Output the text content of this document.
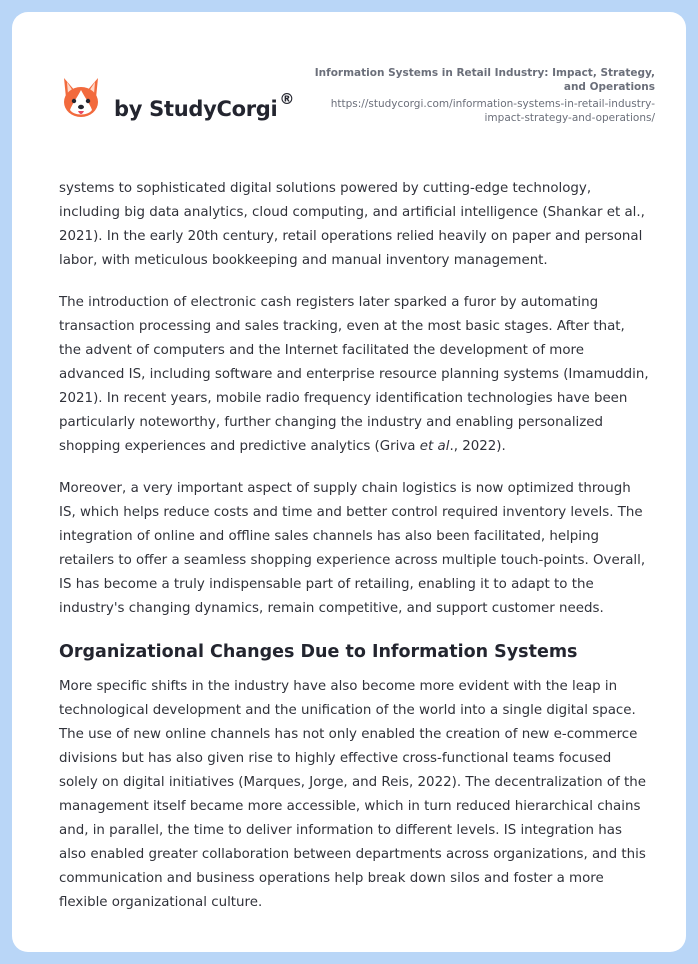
by StudyCorgi ®
Information Systems in Retail Industry: Impact, Strategy, and Operations
https://studycorgi.com/information-systems-in-retail-industry-impact-strategy-and-operations/

systems to sophisticated digital solutions powered by cutting-edge technology, including big data analytics, cloud computing, and artificial intelligence (Shankar et al., 2021). In the early 20th century, retail operations relied heavily on paper and personal labor, with meticulous bookkeeping and manual inventory management.

The introduction of electronic cash registers later sparked a furor by automating transaction processing and sales tracking, even at the most basic stages. After that, the advent of computers and the Internet facilitated the development of more advanced IS, including software and enterprise resource planning systems (Imamuddin, 2021). In recent years, mobile radio frequency identification technologies have been particularly noteworthy, further changing the industry and enabling personalized shopping experiences and predictive analytics (Griva et al., 2022).

Moreover, a very important aspect of supply chain logistics is now optimized through IS, which helps reduce costs and time and better control required inventory levels. The integration of online and offline sales channels has also been facilitated, helping retailers to offer a seamless shopping experience across multiple touch-points. Overall, IS has become a truly indispensable part of retailing, enabling it to adapt to the industry's changing dynamics, remain competitive, and support customer needs.

Organizational Changes Due to Information Systems

More specific shifts in the industry have also become more evident with the leap in technological development and the unification of the world into a single digital space. The use of new online channels has not only enabled the creation of new e-commerce divisions but has also given rise to highly effective cross-functional teams focused solely on digital initiatives (Marques, Jorge, and Reis, 2022). The decentralization of the management itself became more accessible, which in turn reduced hierarchical chains and, in parallel, the time to deliver information to different levels. IS integration has also enabled greater collaboration between departments across organizations, and this communication and business operations help break down silos and foster a more flexible organizational culture.
